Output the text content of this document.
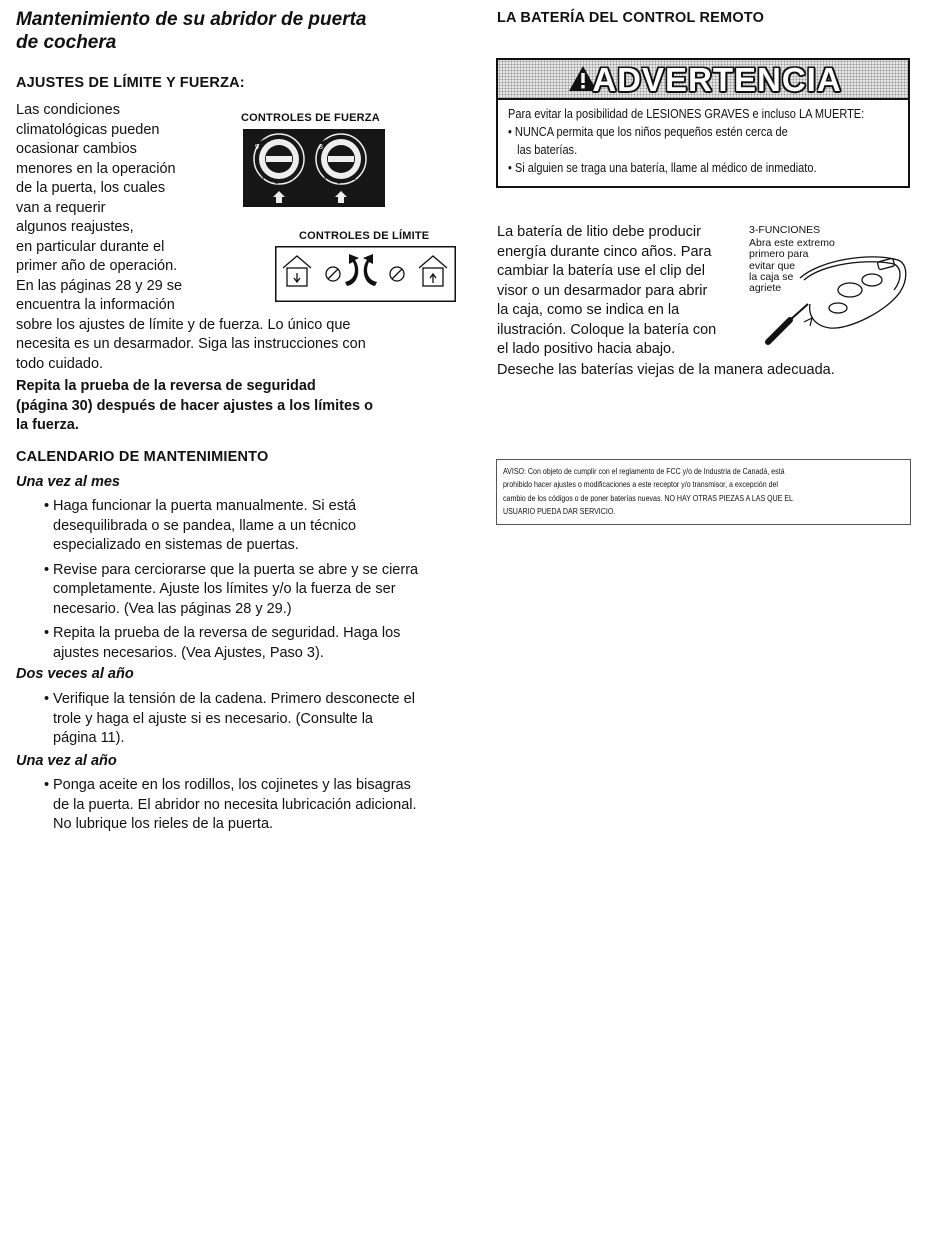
Mantenimiento de su abridor de puerta
de cochera
AJUSTES DE LÍMITE Y FUERZA:
Las condiciones
climatológicas pueden
ocasionar cambios
menores en la operación
de la puerta, los cuales
van a requerir
algunos reajustes,
en particular durante el
primer año de operación.
En las páginas 28 y 29 se
encuentra la información
sobre los ajustes de límite y de fuerza. Lo único que
necesita es un desarmador. Siga las instrucciones con
todo cuidado.
CONTROLES DE FUERZA
9
3
5
7
8
4
6
2
CONTROLES DE LÍMITE
Repita la prueba de la reversa de seguridad
(página 30) después de hacer ajustes a los límites o
la fuerza.
CALENDARIO DE MANTENIMIENTO
Una vez al mes
• Haga funcionar la puerta manualmente. Si está
desequilibrada o se pandea, llame a un técnico
especializado en sistemas de puertas.
• Revise para cerciorarse que la puerta se abre y se cierra
completamente. Ajuste los límites y/o la fuerza de ser
necesario. (Vea las páginas 28 y 29.)
• Repita la prueba de la reversa de seguridad. Haga los
ajustes necesarios. (Vea Ajustes, Paso 3).
Dos veces al año
• Verifique la tensión de la cadena. Primero desconecte el
trole y haga el ajuste si es necesario. (Consulte la
página 11).
Una vez al año
• Ponga aceite en los rodillos, los cojinetes y las bisagras
de la puerta. El abridor no necesita lubricación adicional.
No lubrique los rieles de la puerta.
LA BATERÍA DEL CONTROL REMOTO
ADVERTENCIA
Para evitar la posibilidad de LESIONES GRAVES e incluso LA MUERTE:
• NUNCA permita que los niños pequeños estén cerca de
las baterías.
• Si alguien se traga una batería, llame al médico de inmediato.
La batería de litio debe producir
energía durante cinco años. Para
cambiar la batería use el clip del
visor o un desarmador para abrir
la caja, como se indica en la
ilustración. Coloque la batería con
el lado positivo hacia abajo.
3-FUNCIONES
Abra este extremo
primero para
evitar que
la caja se
agriete
Deseche las baterías viejas de la manera adecuada.
AVISO: Con objeto de cumplir con el reglamento de FCC y/o de Industria de Canadá, está
prohibido hacer ajustes o modificaciones a este receptor y/o transmisor, a excepción del
cambio de los códigos o de poner baterías nuevas. NO HAY OTRAS PIEZAS A LAS QUE EL
USUARIO PUEDA DAR SERVICIO.
